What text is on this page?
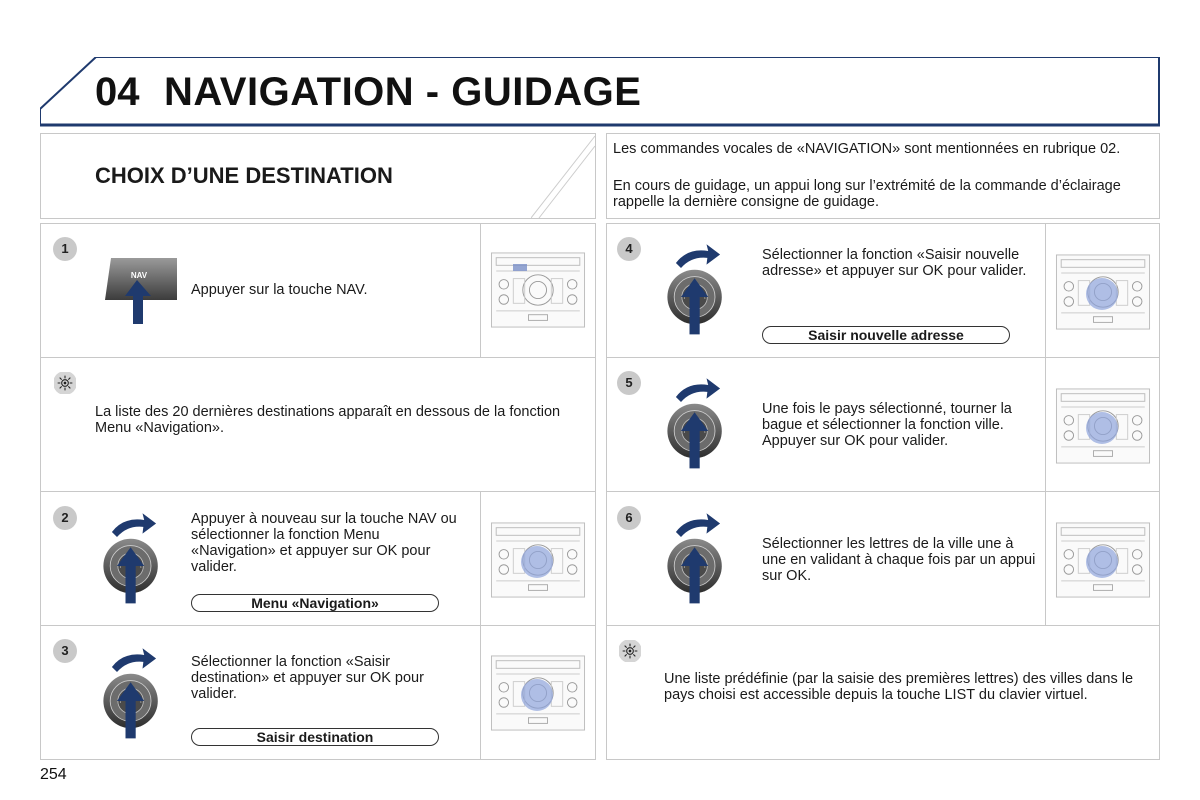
04 NAVIGATION - GUIDAGE
CHOIX D’UNE DESTINATION
Les commandes vocales de «NAVIGATION» sont mentionnées en rubrique 02.
En cours de guidage, un appui long sur l’extrémité de la commande d’éclairage rappelle la dernière consigne de guidage.
1
NAV
Appuyer sur la touche NAV.
La liste des 20 dernières destinations apparaît en dessous de la fonction Menu «Navigation».
2	Appuyer à nouveau sur la touche NAV ou sélectionner la fonction Menu «Navigation» et appuyer sur OK pour valider.
Menu «Navigation»
3
Sélectionner la fonction «Saisir destination» et appuyer sur OK pour valider.
Saisir destination
4	Sélectionner la fonction «Saisir nouvelle adresse» et appuyer sur OK pour valider.
Saisir nouvelle adresse
5
Une fois le pays sélectionné, tourner la bague et sélectionner la fonction ville. Appuyer sur OK pour valider.
6
Sélectionner les lettres de la ville une à une en validant à chaque fois par un appui sur OK.
Une liste prédéfinie (par la saisie des premières lettres) des villes dans le pays choisi est accessible depuis la touche LIST du clavier virtuel.
254
